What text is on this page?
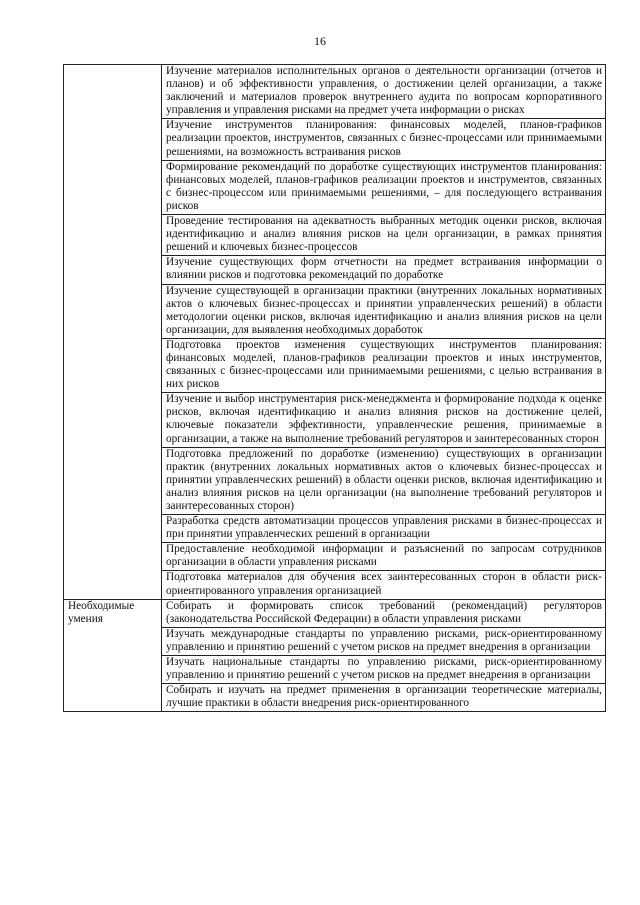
16
	Изучение материалов исполнительных органов о деятельности организации (отчетов и планов) и об эффективности управления, о достижении целей организации, а также заключений и материалов проверок внутреннего аудита по вопросам корпоративного управления и управления рисками на предмет учета информации о рисках
	Изучение инструментов планирования: финансовых моделей, планов-графиков реализации проектов, инструментов, связанных с бизнес-процессами или принимаемыми решениями, на возможность встраивания рисков
	Формирование рекомендаций по доработке существующих инструментов планирования: финансовых моделей, планов-графиков реализации проектов и инструментов, связанных с бизнес-процессом или принимаемыми решениями, – для последующего встраивания рисков
	Проведение тестирования на адекватность выбранных методик оценки рисков, включая идентификацию и анализ влияния рисков на цели организации, в рамках принятия решений и ключевых бизнес-процессов
	Изучение существующих форм отчетности на предмет встраивания информации о влиянии рисков и подготовка рекомендаций по доработке
	Изучение существующей в организации практики (внутренних локальных нормативных актов о ключевых бизнес-процессах и принятии управленческих решений) в области методологии оценки рисков, включая идентификацию и анализ влияния рисков на цели организации, для выявления необходимых доработок
	Подготовка проектов изменения существующих инструментов планирования: финансовых моделей, планов-графиков реализации проектов и иных инструментов, связанных с бизнес-процессами или принимаемыми решениями, с целью встраивания в них рисков
	Изучение и выбор инструментария риск-менеджмента и формирование подхода к оценке рисков, включая идентификацию и анализ влияния рисков на достижение целей, ключевые показатели эффективности, управленческие решения, принимаемые в организации, а также на выполнение требований регуляторов и заинтересованных сторон
	Подготовка предложений по доработке (изменению) существующих в организации практик (внутренних локальных нормативных актов о ключевых бизнес-процессах и принятии управленческих решений) в области оценки рисков, включая идентификацию и анализ влияния рисков на цели организации (на выполнение требований регуляторов и заинтересованных сторон)
	Разработка средств автоматизации процессов управления рисками в бизнес-процессах и при принятии управленческих решений в организации
	Предоставление необходимой информации и разъяснений по запросам сотрудников организации в области управления рисками
	Подготовка материалов для обучения всех заинтересованных сторон в области риск-ориентированного управления организацией
Необходимые умения	Собирать и формировать список требований (рекомендаций) регуляторов (законодательства Российской Федерации) в области управления рисками
	Изучать международные стандарты по управлению рисками, риск-ориентированному управлению и принятию решений с учетом рисков на предмет внедрения в организации
	Изучать национальные стандарты по управлению рисками, риск-ориентированному управлению и принятию решений с учетом рисков на предмет внедрения в организации
	Собирать и изучать на предмет применения в организации теоретические материалы, лучшие практики в области внедрения риск-ориентированного
